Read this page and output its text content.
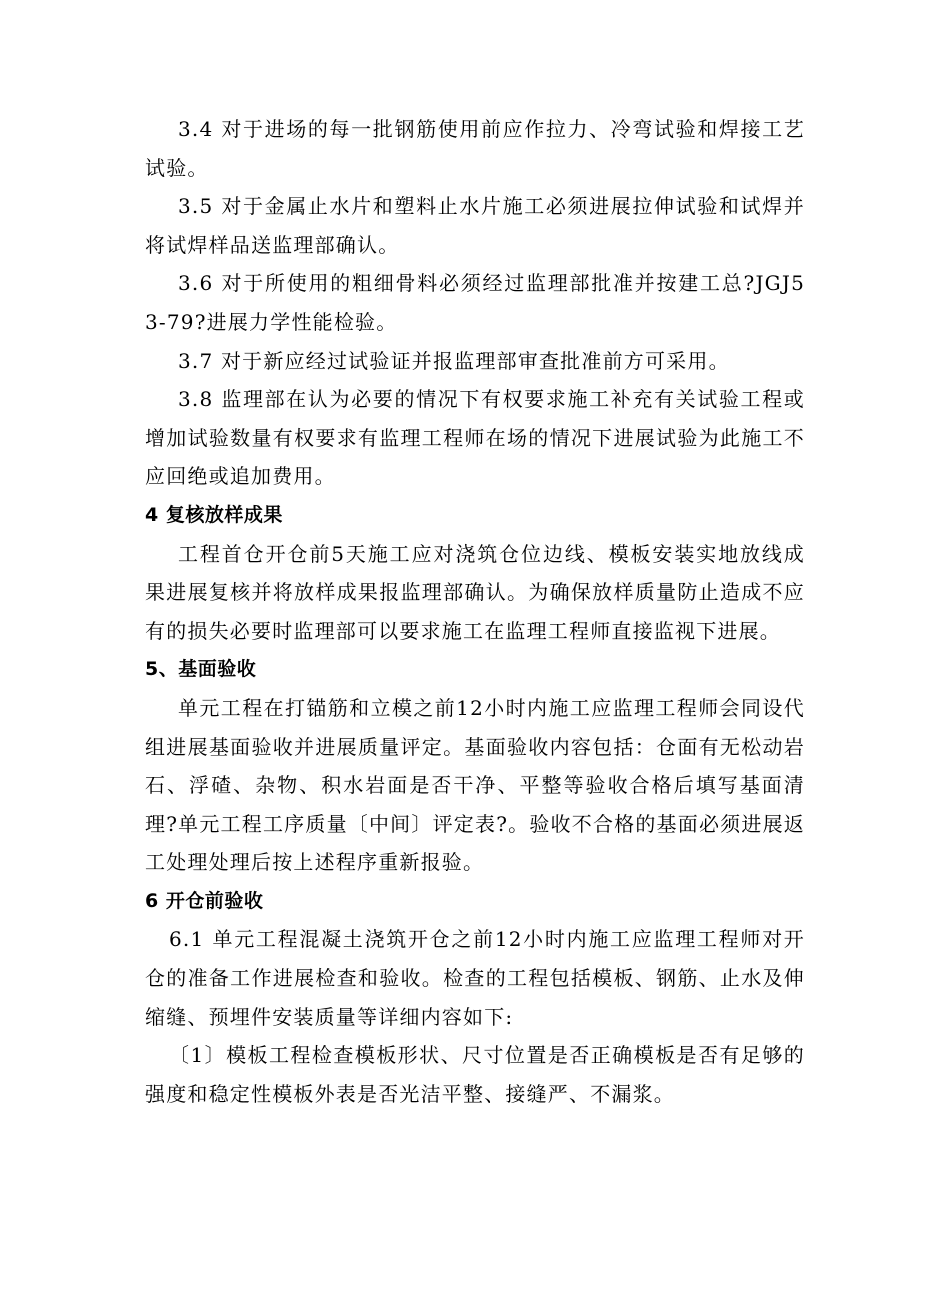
3.4 对于进场的每一批钢筋使用前应作拉力、冷弯试验和焊接工艺试验。

3.5 对于金属止水片和塑料止水片施工必须进展拉伸试验和试焊并将试焊样品送监理部确认。

3.6 对于所使用的粗细骨料必须经过监理部批准并按建工总?JGJ53-79?进展力学性能检验。

3.7 对于新应经过试验证并报监理部审查批准前方可采用。

3.8 监理部在认为必要的情况下有权要求施工补充有关试验工程或增加试验数量有权要求有监理工程师在场的情况下进展试验为此施工不应回绝或追加费用。

4 复核放样成果

工程首仓开仓前5天施工应对浇筑仓位边线、模板安装实地放线成果进展复核并将放样成果报监理部确认。为确保放样质量防止造成不应有的损失必要时监理部可以要求施工在监理工程师直接监视下进展。

5、基面验收

单元工程在打锚筋和立模之前12小时内施工应监理工程师会同设代组进展基面验收并进展质量评定。基面验收内容包括：仓面有无松动岩石、浮碴、杂物、积水岩面是否干净、平整等验收合格后填写基面清理?单元工程工序质量〔中间〕评定表?。验收不合格的基面必须进展返工处理处理后按上述程序重新报验。

6 开仓前验收

6.1 单元工程混凝土浇筑开仓之前12小时内施工应监理工程师对开仓的准备工作进展检查和验收。检查的工程包括模板、钢筋、止水及伸缩缝、预埋件安装质量等详细内容如下:

〔1〕模板工程检查模板形状、尺寸位置是否正确模板是否有足够的强度和稳定性模板外表是否光洁平整、接缝严、不漏浆。
